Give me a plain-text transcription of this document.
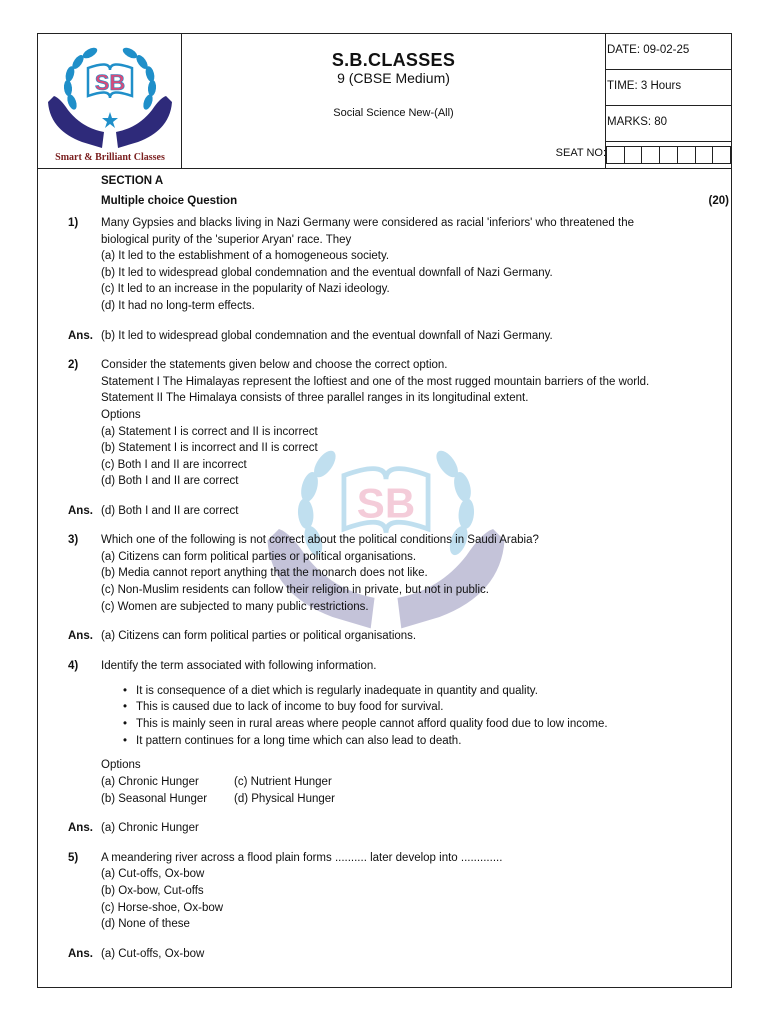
SB
Smart & Brilliant Classes
S.B.CLASSES
9 (CBSE Medium)
Social Science New-(All)
SEAT NO:
DATE: 09-02-25
TIME: 3 Hours
MARKS: 80
SB
SECTION A
Multiple choice Question	(20)
1) Many Gypsies and blacks living in Nazi Germany were considered as racial 'inferiors' who threatened the
biological purity of the 'superior Aryan' race. They
(a) It led to the establishment of a homogeneous society.
(b) It led to widespread global condemnation and the eventual downfall of Nazi Germany.
(c) It led to an increase in the popularity of Nazi ideology.
(d) It had no long-term effects.
Ans. (b) It led to widespread global condemnation and the eventual downfall of Nazi Germany.
2) Consider the statements given below and choose the correct option.
Statement I The Himalayas represent the loftiest and one of the most rugged mountain barriers of the world.
Statement II The Himalaya consists of three parallel ranges in its longitudinal extent.
Options
(a) Statement I is correct and II is incorrect
(b) Statement I is incorrect and II is correct
(c) Both I and II are incorrect
(d) Both I and II are correct
Ans. (d) Both I and II are correct
3) Which one of the following is not correct about the political conditions in Saudi Arabia?
(a) Citizens can form political parties or political organisations.
(b) Media cannot report anything that the monarch does not like.
(c) Non-Muslim residents can follow their religion in private, but not in public.
(c) Women are subjected to many public restrictions.
Ans. (a) Citizens can form political parties or political organisations.
4) Identify the term associated with following information.
• It is consequence of a diet which is regularly inadequate in quantity and quality.
• This is caused due to lack of income to buy food for survival.
• This is mainly seen in rural areas where people cannot afford quality food due to low income.
• It pattern continues for a long time which can also lead to death.
Options
(a) Chronic Hunger	(c) Nutrient Hunger
(b) Seasonal Hunger (d) Physical Hunger
Ans. (a) Chronic Hunger
5) A meandering river across a flood plain forms .......... later develop into .............
(a) Cut-offs, Ox-bow
(b) Ox-bow, Cut-offs
(c) Horse-shoe, Ox-bow
(d) None of these
Ans. (a) Cut-offs, Ox-bow
